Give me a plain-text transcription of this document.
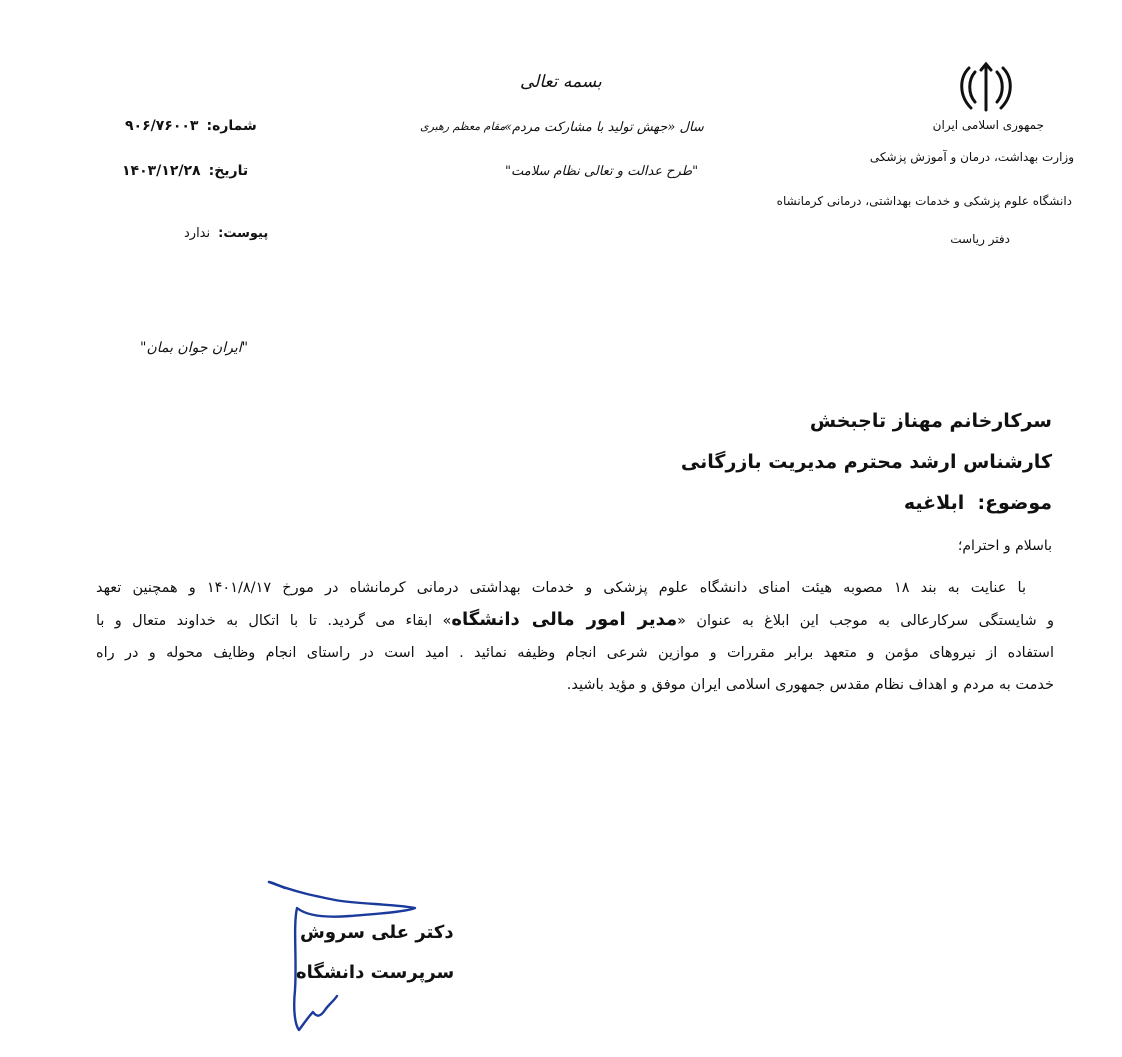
جمهوری اسلامی ایران
وزارت بهداشت، درمان و آموزش پزشکی
دانشگاه علوم پزشکی و خدمات بهداشتی، درمانی کرمانشاه
دفتر ریاست
بسمه تعالی
سال «جهش تولید با مشارکت مردم»
مقام معظم رهبری
"طرح عدالت و تعالی نظام سلامت"
"ایران جوان بمان"
شماره:۹۰۶/۷۶۰۰۳
تاریخ:۱۴۰۳/۱۲/۲۸
پیوست:ندارد
سرکارخانم مهناز تاجبخش
کارشناس ارشد محترم مدیریت بازرگانی
موضوع:  ابلاغیه
باسلام و احترام؛

با عنایت به بند ۱۸ مصوبه هیئت امنای دانشگاه علوم پزشکی و خدمات بهداشتی درمانی کرمانشاه در مورخ ۱۴۰۱/۸/۱۷ و همچنین تعهد

و شایستگی سرکارعالی به موجب این ابلاغ به عنوان «مدیر امور مالی دانشگاه» ابقاء می گردید. تا با اتکال به خداوند متعال و با

استفاده از نیروهای مؤمن و متعهد برابر مقررات و موازین شرعی انجام وظیفه نمائید . امید است در راستای انجام وظایف محوله و در راه

خدمت به مردم و اهداف نظام مقدس جمهوری اسلامی ایران موفق و مؤید باشید.

دکتر علی سروش
سرپرست دانشگاه
